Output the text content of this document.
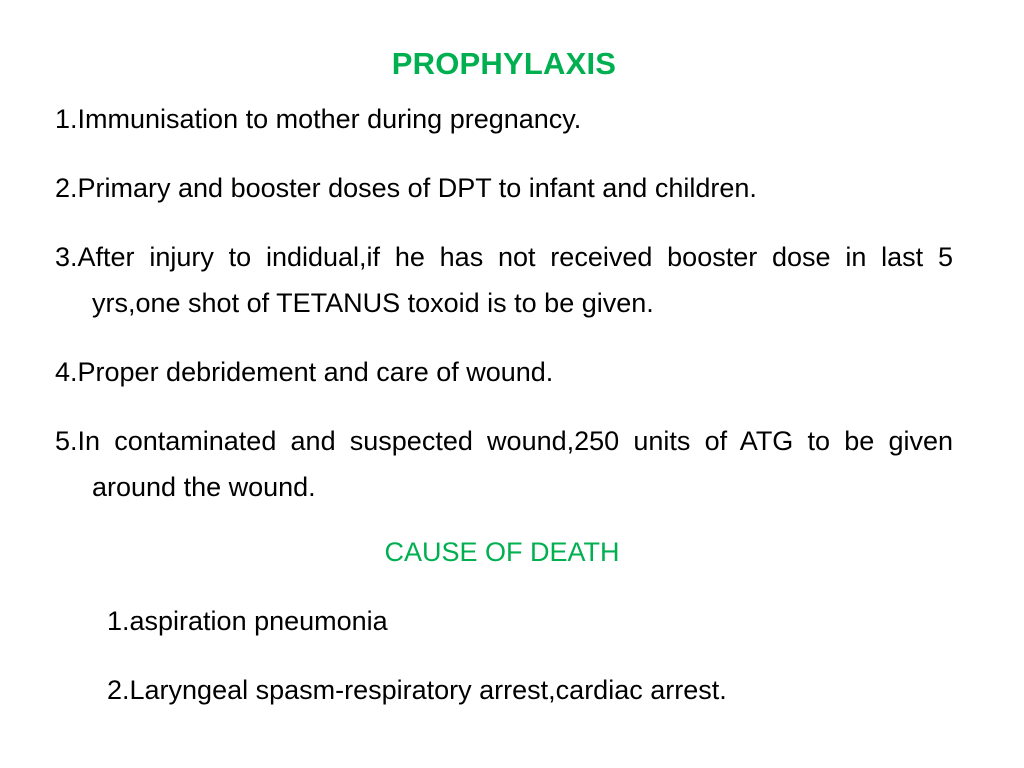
PROPHYLAXIS
1.Immunisation to mother during pregnancy.
2.Primary and booster doses of DPT to infant and children.
3.After injury to indidual,if he has not received booster dose in last 5 yrs,one shot of TETANUS toxoid is to be given.
4.Proper debridement and care of wound.
5.In contaminated and suspected wound,250 units of ATG to be given around the wound.
CAUSE OF DEATH
1.aspiration pneumonia
2.Laryngeal spasm-respiratory arrest,cardiac arrest.
